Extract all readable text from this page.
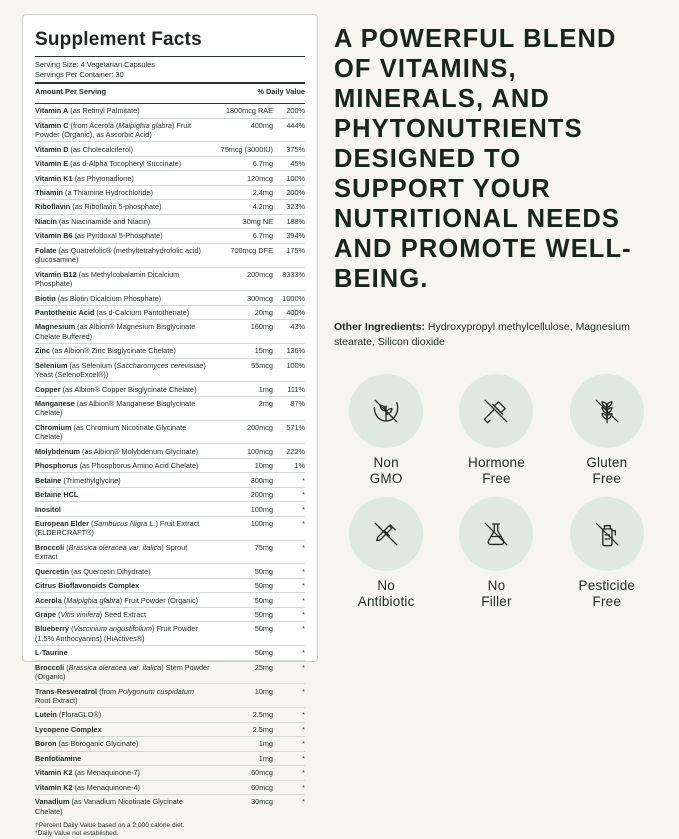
Supplement Facts
Serving Size: 4 Vegetarian Capsules
Servings Per Container: 30
Amount Per Serving	% Daily Value
Vitamin A (as Retinyl Palmitate)	1800mcg RAE	200%
Vitamin C (from Acerola (Malpighia glabra) Fruit Powder (Organic), as Ascorbic Acid)	400mg	444%
Vitamin D (as Cholecalciferol)	75mcg (3000IU)	375%
Vitamin E (as d-Alpha Tocopheryl Succinate)	6.7mg	45%
Vitamin K1 (as Phytonadione)	120mcg	100%
Thiamin (a Thiamine Hydrochloride)	2.4mg	200%
Riboflavin (as Riboflavin 5-phosphate)	4.2mg	323%
Niacin (as Niacinamide and Niacin)	30mg NE	188%
Vitamin B6 (as Pyridoxal 5-Phosphate)	6.7mg	394%
Folate (as Quatrefolic® (methyltetrahydrofolic acid) glucosamine)	700mcg DFE	175%
Vitamin B12 (as Methylcobalamin Dicalcium Phosphate)	200mcg	8333%
Biotin (as Biotin Dicalcium Phosphate)	300mcg	1000%
Pantothenic Acid (as d-Calcium Pantothenate)	20mg	400%
Magnesium (as Albion® Magnesium Bisglycinate Chelate Buffered)	160mg	43%
Zinc (as Albion® Zinc Bisglycinate Chelate)	15mg	136%
Selenium (as Selenium (Saccharomyces cerevisiae) Yeast (SelenoExcel®))	55mcg	100%
Copper (as Albion® Copper Bisglycinate Chelate)	1mg	111%
Manganese (as Albion® Manganese Bisglycinate Chelate)	2mg	87%
Chromium (as Chromium Nicotinate Glycinate Chelate)	200mcg	571%
Molybdenum (as Albion® Molybdenum Glycinate)	100mcg	222%
Phosphorus (as Phosphorus Amino Acid Chelate)	10mg	1%
Betaine (Trimethylglycine)	300mg	*
Betaine HCL	200mg	*
Inositol	100mg	*
European Elder (Sambucus Nigra L.) Fruit Extract (ELDERCRAFT®)	100mg	*
Broccoli (Brassica oleracea var. italica) Sprout Extract	75mg	*
Quercetin (as Quercetin Dihydrate)	50mg	*
Citrus Bioflavonoids Complex	50mg	*
Acerola (Malpighia glabra) Fruit Powder (Organic)	50mg	*
Grape (Vitis vinifera) Seed Extract	50mg	*
Blueberry (Vaccinium angustifolium) Fruit Powder (1.5% Anthocyanins) (HiActives®)	50mg	*
L-Taurine	50mg	*
Broccoli (Brassica oleracea var. italica) Stem Powder (Organic)	25mg	*
Trans-Resveratrol (from Polygonum cuspidatum Root Extract)	10mg	*
Lutein (FloraGLO®)	2.5mg	*
Lycopene Complex	2.5mg	*
Boron (as Boroganic Glycinate)	1mg	*
Benfotiamine	1mg	*
Vitamin K2 (as Menaquinone-7)	60mcg	*
Vitamin K2 (as Menaquinone-4)	60mcg	*
Vanadium (as Vanadium Nicotinate Glycinate Chelate)	30mcg	*
†Percent Daily Value based on a 2,000 calorie diet.
*Daily Value not established.
A POWERFUL BLEND OF VITAMINS, MINERALS, AND PHYTONUTRIENTS DESIGNED TO SUPPORT YOUR NUTRITIONAL NEEDS AND PROMOTE WELL-BEING.
Other Ingredients: Hydroxypropyl methylcellulose, Magnesium stearate, Silicon dioxide
Non
GMO
Hormone
Free
Gluten
Free
No
Antibiotic
No
Filler
Pesticide
Free
